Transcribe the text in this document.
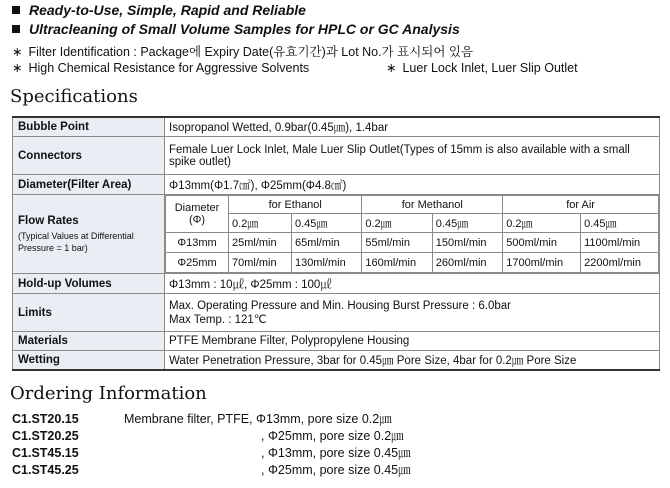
Ready-to-Use, Simple, Rapid and Reliable
Ultracleaning of Small Volume Samples for HPLC or GC Analysis
∗ Filter Identification : Package에 Expiry Date(유효기간)과 Lot No.가 표시되어 있음
∗ High Chemical Resistance for Aggressive Solvents	∗ Luer Lock Inlet, Luer Slip Outlet
Specifications
Bubble Point	Isopropanol Wetted, 0.9bar(0.45㎛), 1.4bar
Connectors	Female Luer Lock Inlet, Male Luer Slip Outlet(Types of 15mm is also available with a small spike outlet)
Diameter(Filter Area)	Φ13mm(Φ1.7㎠), Φ25mm(Φ4.8㎠)
Flow Rates
(Typical Values at Differential Pressure = 1 bar)

Diameter (Φ)	for Ethanol	for Methanol	for Air
0.2㎛	0.45㎛	0.2㎛	0.45㎛	0.2㎛	0.45㎛
Φ13mm	25ml/min	65ml/min	55ml/min	150ml/min	500ml/min	1100ml/min
Φ25mm	70ml/min	130ml/min	160ml/min	260ml/min	1700ml/min	2200ml/min

Hold-up Volumes	Φ13mm : 10㎕, Φ25mm : 100㎕
Limits	
Max. Operating Pressure and Min. Housing Burst Pressure : 6.0bar
Max Temp. : 121℃

Materials	PTFE Membrane Filter, Polypropylene Housing
Wetting	Water Penetration Pressure, 3bar for 0.45㎛ Pore Size, 4bar for 0.2㎛ Pore Size
Ordering Information
C1.ST20.15	Membrane filter, PTFE, Φ13mm, pore size 0.2㎛
C1.ST20.25	, Φ25mm, pore size 0.2㎛
C1.ST45.15	, Φ13mm, pore size 0.45㎛
C1.ST45.25	, Φ25mm, pore size 0.45㎛
